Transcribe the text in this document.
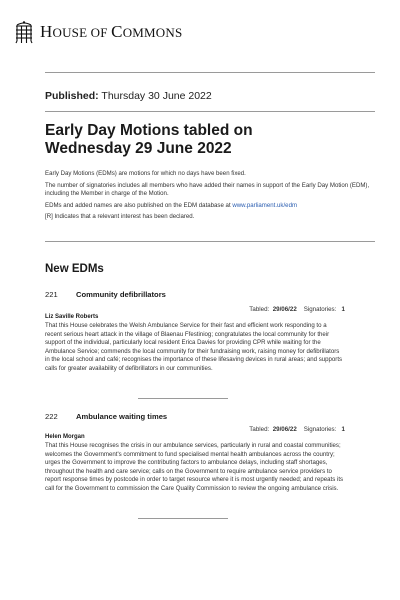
HOUSE OF COMMONS
Published: Thursday 30 June 2022
Early Day Motions tabled on
Wednesday 29 June 2022

Early Day Motions (EDMs) are motions for which no days have been fixed.

The number of signatories includes all members who have added their names in support of the Early Day Motion (EDM), including the Member in charge of the Motion.

EDMs and added names are also published on the EDM database at www.parliament.uk/edm

[R] Indicates that a relevant interest has been declared.

New EDMs
221	Community defibrillators
Tabled: 29/06/22 Signatories: 1
Liz Saville Roberts
That this House celebrates the Welsh Ambulance Service for their fast and efficient work responding to a recent serious heart attack in the village of Blaenau Ffestiniog; congratulates the local community for their support of the individual, particularly local resident Erica Davies for providing CPR while waiting for the Ambulance Service; commends the local community for their fundraising work, raising money for defibrillators in the local school and café; recognises the importance of these lifesaving devices in rural areas; and supports calls for greater availability of defibrillators in our communities.
222	Ambulance waiting times
Tabled: 29/06/22 Signatories: 1
Helen Morgan
That this House recognises the crisis in our ambulance services, particularly in rural and coastal communities; welcomes the Government's commitment to fund specialised mental health ambulances across the country; urges the Government to improve the contributing factors to ambulance delays, including staff shortages, throughout the health and care service; calls on the Government to require ambulance service providers to report response times by postcode in order to target resource where it is most urgently needed; and repeats its call for the Government to commission the Care Quality Commission to review the ongoing ambulance crisis.
